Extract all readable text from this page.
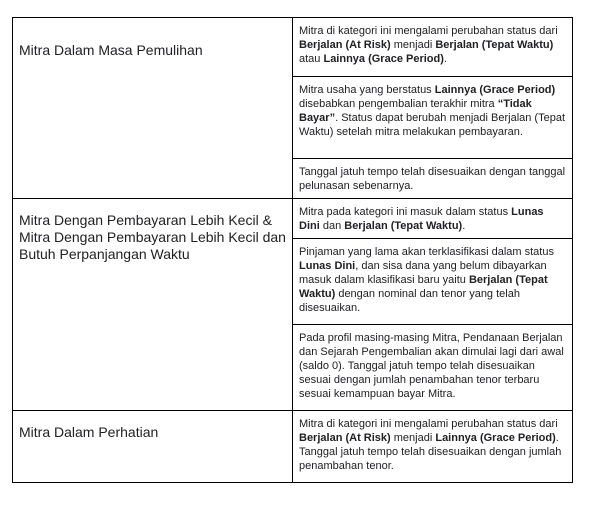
Mitra Dalam Masa Pemulihan	Mitra di kategori ini mengalami perubahan status dari Berjalan (At Risk) menjadi Berjalan (Tepat Waktu) atau Lainnya (Grace Period).
	Mitra usaha yang berstatus Lainnya (Grace Period) disebabkan pengembalian terakhir mitra “Tidak Bayar”. Status dapat berubah menjadi Berjalan (Tepat Waktu) setelah mitra melakukan pembayaran.
	Tanggal jatuh tempo telah disesuaikan dengan tanggal pelunasan sebenarnya.
Mitra Dengan Pembayaran Lebih Kecil & Mitra Dengan Pembayaran Lebih Kecil dan Butuh Perpanjangan Waktu	Mitra pada kategori ini masuk dalam status Lunas Dini dan Berjalan (Tepat Waktu).
	Pinjaman yang lama akan terklasifikasi dalam status Lunas Dini, dan sisa dana yang belum dibayarkan masuk dalam klasifikasi baru yaitu Berjalan (Tepat Waktu) dengan nominal dan tenor yang telah disesuaikan.
	Pada profil masing-masing Mitra, Pendanaan Berjalan dan Sejarah Pengembalian akan dimulai lagi dari awal (saldo 0). Tanggal jatuh tempo telah disesuaikan sesuai dengan jumlah penambahan tenor terbaru sesuai kemampuan bayar Mitra.
Mitra Dalam Perhatian	Mitra di kategori ini mengalami perubahan status dari Berjalan (At Risk) menjadi Lainnya (Grace Period). Tanggal jatuh tempo telah disesuaikan dengan jumlah penambahan tenor.
